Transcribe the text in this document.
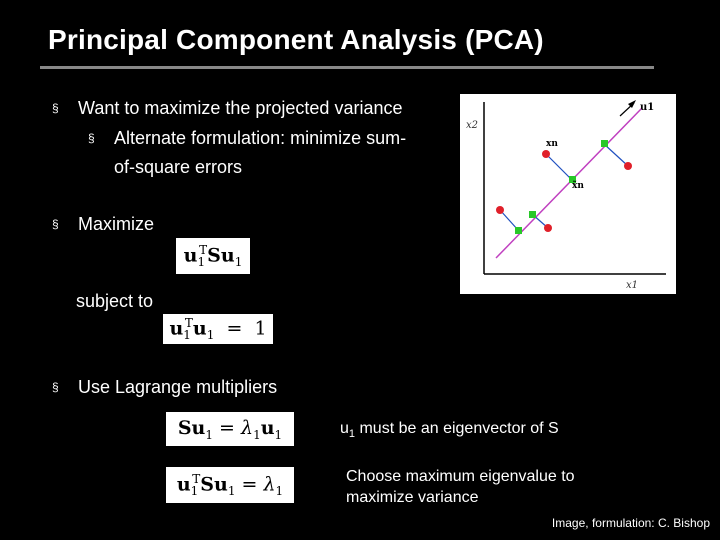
Principal Component Analysis (PCA)
§ Want to maximize the projected variance
§ Alternate formulation: minimize sum-
of-square errors
§ Maximize
$u_1^TSu_1$
subject to
$u_1^Tu_1 = 1$
§ Use Lagrange multipliers
$Su_1 = \lambda_1u_1$
$u_1^TSu_1 = \lambda_1$
$u_1$ must be an eigenvector of S
Choose maximum eigenvalue to
maximize variance
x2
x1
u1
xn
x̃n
Image, formulation: C. Bishop
